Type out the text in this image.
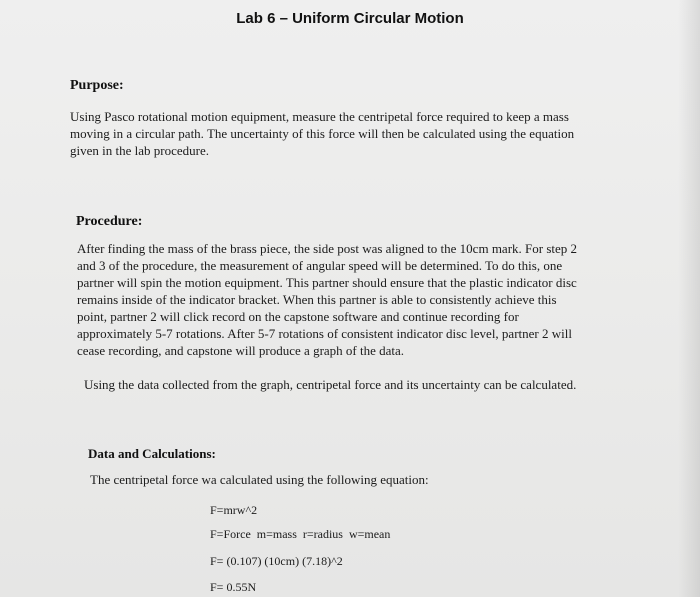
Lab 6 – Uniform Circular Motion
Purpose:
Using Pasco rotational motion equipment, measure the centripetal force required to keep a mass
moving in a circular path. The uncertainty of this force will then be calculated using the equation
given in the lab procedure.
Procedure:
After finding the mass of the brass piece, the side post was aligned to the 10cm mark. For step 2
and 3 of the procedure, the measurement of angular speed will be determined. To do this, one
partner will spin the motion equipment. This partner should ensure that the plastic indicator disc
remains inside of the indicator bracket. When this partner is able to consistently achieve this
point, partner 2 will click record on the capstone software and continue recording for
approximately 5-7 rotations. After 5-7 rotations of consistent indicator disc level, partner 2 will
cease recording, and capstone will produce a graph of the data.
Using the data collected from the graph, centripetal force and its uncertainty can be calculated.
Data and Calculations:
The centripetal force wa calculated using the following equation:
F=mrw^2
F=Force  m=mass  r=radius  w=mean
F= (0.107) (10cm) (7.18)^2
F= 0.55N
